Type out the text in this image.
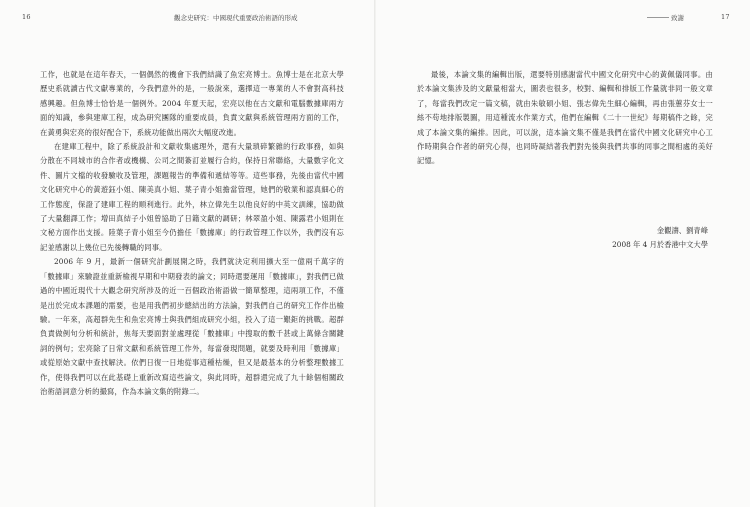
16	觀念史研究：中國現代重要政治術語的形成

工作，也就是在這年春天，一個偶然的機會下我們結識了魚宏亮博士。魚博士是在北京大學歷史系就讀古代文獻專業的，今我們意外的是，一般說來，選擇這一專業的人不會對高科技感興趣。但魚博士恰恰是一個例外。2004 年夏天起，宏亮以他在古文獻和電腦數據庫兩方面的知識，參與建庫工程，成為研究團隊的重要成員，負責文獻與系統管理兩方面的工作，在黃勇與宏亮的很好配合下，系統功能做出兩次大幅度改進。

在建庫工程中，除了系統設計和文獻收集處理外，還有大量瑣碎繁雜的行政事務，如與分散在不同城市的合作者或機構、公司之間簽訂並履行合約，保持日常聯絡，大量數字化文件、圖片文檔的收發驗收及管理，課題報告的準備和遞結等等。這些事務，先後由當代中國文化研究中心的黃遊鈺小姐、陳美真小姐、葉子青小姐擔當管理，她們的敬業和認真細心的工作態度，保證了建庫工程的順利進行。此外，林立偉先生以他良好的中英文訓練，協助做了大量翻譯工作；增田真結子小姐曾協助了日籍文獻的調研；林翠盈小姐、陳露君小姐則在文秘方面作出支援。陸葉子青小姐至今仍擔任「數據庫」的行政管理工作以外，我們沒有忘記並感謝以上幾位已先後轉職的同事。

2006 年 9 月，最新一個研究計劃展開之時，我們就決定利用擴大至一億兩千萬字的「數據庫」來驗證並重新檢視早期和中期發表的論文；同時還要運用「數據庫」，對我們已做過的中國近現代十大觀念研究所涉及的近一百個政治術語做一簡單整理，這兩項工作，不僅是出於完成本課題的需要，也是用我們初步總結出的方法論，對我們自己的研究工作作出檢驗。一年來，高超群先生和魚宏亮博士與我們組成研究小組，投入了這一艱鉅的挑戰。超群負責做例句分析和統計，焦每天要面對並處理從「數據庫」中搜取的數千甚或上萬條含關鍵詞的例句；宏亮除了日常文獻和系統管理工作外，每當發現問題，就要及時利用「數據庫」或從原始文獻中查找解決。依們日復一日地從事這種枯燥，但又是最基本的分析整理數據工作，使得我們可以在此基礎上重新改寫這些論文，與此同時，超群還完成了九十餘個相關政治術語詞意分析的撮寫，作為本論文集的附錄二。

致謝	17

最後，本論文集的編輯出版，還要特別感謝當代中國文化研究中心的黃佩儀同事。由於本論文集涉及的文獻量相當大，圖表也很多，校對、編輯和排版工作量就非同一般文章了，每當我們改定一篇文稿，就由朱敏碩小姐、張志偉先生細心編輯，再由張蕙芬女士一絲不苟地排版製圖，用這種流水作業方式，他們在編輯《二十一世紀》每期稿件之餘，完成了本論文集的編排。因此，可以說，這本論文集不僅是我們在當代中國文化研究中心工作時期與合作者的研究心得，也同時凝結著我們對先後與我們共事的同事之間相處的美好記憶。

金觀濤、劉青峰
2008 年 4 月於香港中文大學
